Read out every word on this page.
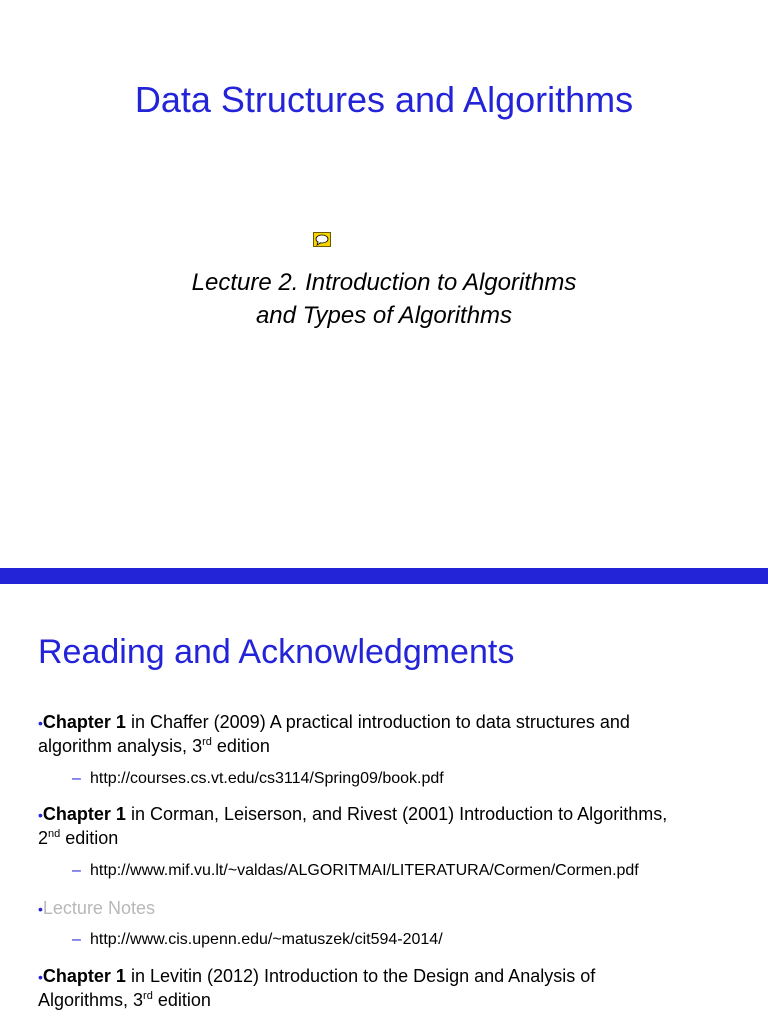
Data Structures and Algorithms
Lecture 2. Introduction to Algorithms
and Types of Algorithms
Reading and Acknowledgments
•Chapter 1 in Chaffer (2009) A practical introduction to data structures and
algorithm analysis, 3rd edition
– http://courses.cs.vt.edu/cs3114/Spring09/book.pdf
•Chapter 1 in Corman, Leiserson, and Rivest (2001) Introduction to Algorithms,
2nd edition
– http://www.mif.vu.lt/~valdas/ALGORITMAI/LITERATURA/Cormen/Cormen.pdf
•Lecture Notes
– http://www.cis.upenn.edu/~matuszek/cit594-2014/
•Chapter 1 in Levitin (2012) Introduction to the Design and Analysis of
Algorithms, 3rd edition
